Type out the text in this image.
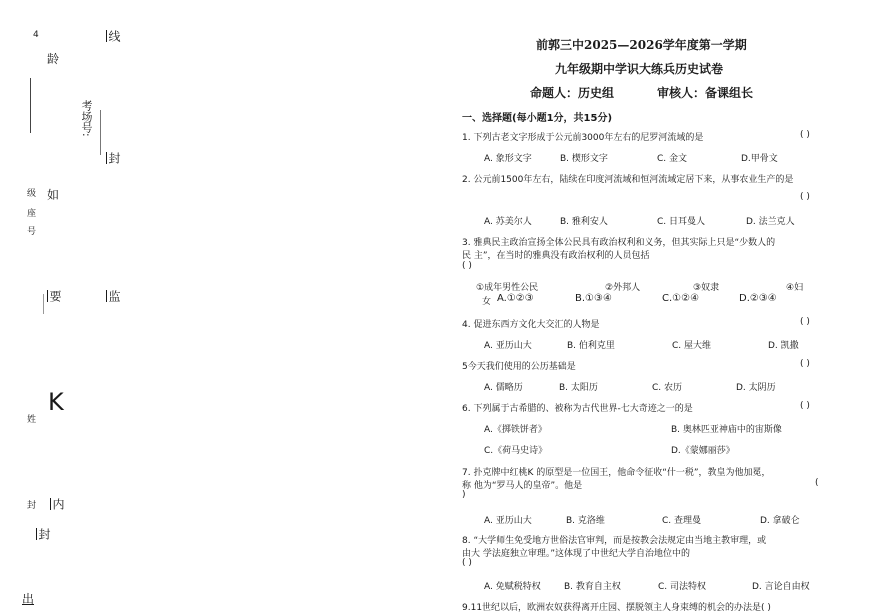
4
龄
线
考场号:
封
级 如
座
号
要	监
K
姓
封 内
封
出
前郭三中2025—2026学年度第一学期
九年级期中学识大练兵历史试卷
命题人：历史组	审核人：备课组长
一、选择题(每小题1分，共15分)
1. 下列古老文字形成于公元前3000年左右的尼罗河流域的是	( )
A. 象形文字	B. 楔形文字	C. 金文	D.甲骨文
2. 公元前1500年左右，陆续在印度河流域和恒河流域定居下来，从事农业生产的是
( )
A. 苏美尔人	B. 雅利安人	C. 日耳曼人	D. 法兰克人
3. 雅典民主政治宣扬全体公民具有政治权利和义务，但其实际上只是“少数人的
民 主”，在当时的雅典没有政治权利的人员包括
( )
①成年男性公民	②外邦人	③奴隶	④妇
女 A.①②③	B.①③④	C.①②④	D.②③④
4. 促进东西方文化大交汇的人物是	( )
A. 亚历山大	B. 伯利克里	C. 屋大维	D. 凯撒
5今天我们使用的公历基础是	( )
A. 儒略历	B. 太阳历	C. 农历	D. 太阴历
6. 下列属于古希腊的、被称为古代世界-七大奇迹之一的是	( )
A.《掷铁饼者》	B. 奥林匹亚神庙中的宙斯像
C.《荷马史诗》	D.《蒙娜丽莎》
7. 扑克牌中红桃K 的原型是一位国王，他命令征收“什一税”，教皇为他加冕，
称 他为“罗马人的皇帝”。他是	(
)
A. 亚历山大	B. 克洛维	C. 查理曼	D. 拿破仑
8. “大学师生免受地方世俗法官审判，而是按教会法规定由当地主教审理，或
由大 学法庭独立审理。”这体现了中世纪大学自治地位中的
( )
A. 免赋税特权	B. 教育自主权	C. 司法特权	D. 言论自由权
9.11世纪以后，欧洲农奴获得离开庄园、摆脱领主人身束缚的机会的办法是( )
